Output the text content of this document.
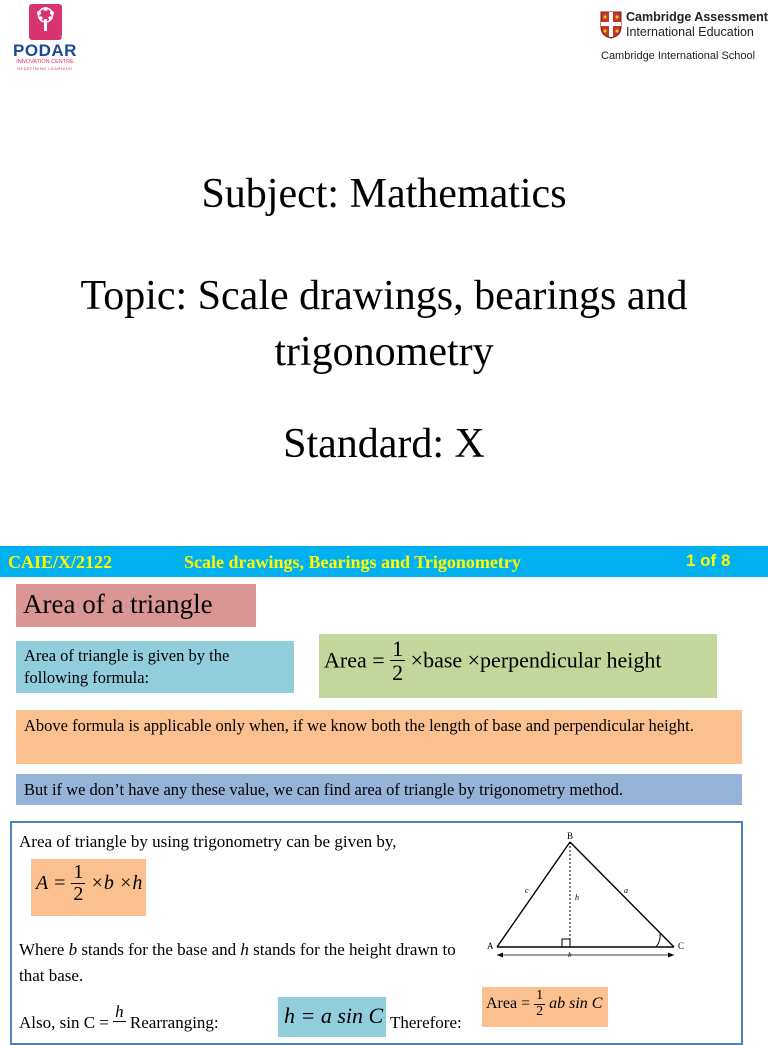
Since 1927
PODAR
INNOVATION CENTRE
REDEFINING LEARNING
Cambridge Assessment
International Education
Cambridge International School
Subject: Mathematics
Topic: Scale drawings, bearings and
trigonometry
Standard: X
CAIE/X/2122	Scale drawings, Bearings and Trigonometry	1 of 8
Area of a triangle
Area of triangle is given by the following formula:
Area = $\frac{1}{2}$ ×base ×perpendicular height
Above formula is applicable only when, if we know both the length of base and perpendicular height.
But if we don’t have any these value, we can find area of triangle by trigonometry method.
Area of triangle by using trigonometry can be given by,
$A = \frac{1}{2} \times b \times h$
Where b stands for the base and h stands for the height drawn to that base.
Also, sin C =
h
Rearranging:	h = a sin C Therefore:
Area = $\frac{1}{2}$ ab sin C
B
A	C
c	a
h
b
